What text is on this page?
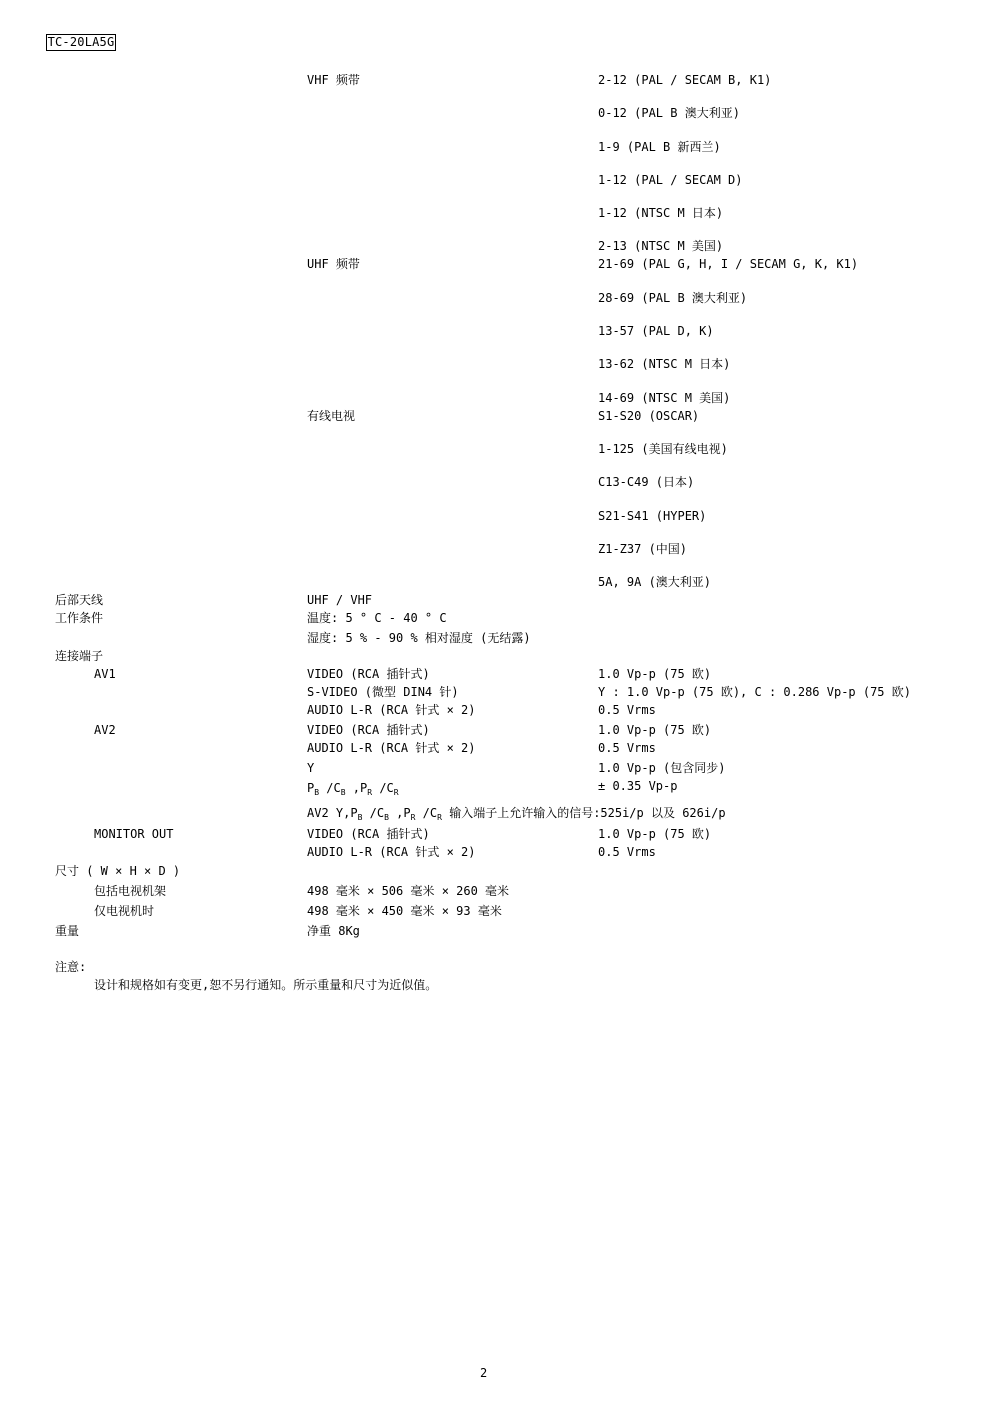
TC-20LA5G
VHF 频带	2-12 (PAL / SECAM B, K1)
0-12 (PAL B 澳大利亚)
1-9 (PAL B 新西兰)
1-12 (PAL / SECAM D)
1-12 (NTSC M 日本)
2-13 (NTSC M 美国)
UHF 频带	21-69 (PAL G, H, I / SECAM G, K, K1)
28-69 (PAL B 澳大利亚)
13-57 (PAL D, K)
13-62 (NTSC M 日本)
14-69 (NTSC M 美国)
有线电视	S1-S20 (OSCAR)
1-125 (美国有线电视)
C13-C49 (日本)
S21-S41 (HYPER)
Z1-Z37 (中国)
5A, 9A (澳大利亚)
后部天线	UHF / VHF
工作条件	温度: 5 ° C - 40 ° C
湿度: 5 % - 90 % 相对湿度 (无结露)
连接端子
AV1	VIDEO (RCA 插针式)	1.0 Vp-p (75 欧)
S-VIDEO (微型 DIN4 针)	Y : 1.0 Vp-p (75 欧), C : 0.286 Vp-p (75 欧)
AUDIO L-R (RCA 针式 × 2)	0.5 Vrms
AV2	VIDEO (RCA 插针式)	1.0 Vp-p (75 欧)
AUDIO L-R (RCA 针式 × 2)	0.5 Vrms
Y	1.0 Vp-p (包含同步)
$P_B$ $/C_B$ $,P_R$ $/C_R$	± 0.35 Vp-p
AV2 $Y,P_B$ $/C_B$ $,P_R$ $/C_R$ 输入端子上允许输入的信号:525i/p 以及 626i/p
MONITOR OUT	VIDEO (RCA 插针式)	1.0 Vp-p (75 欧)
AUDIO L-R (RCA 针式 × 2)	0.5 Vrms
尺寸 ( W × H × D )
包括电视机架	498 毫米 × 506 毫米 × 260 毫米
仅电视机时	498 毫米 × 450 毫米 × 93 毫米
重量	净重 8Kg
注意:
设计和规格如有变更,恕不另行通知。所示重量和尺寸为近似值。
2
